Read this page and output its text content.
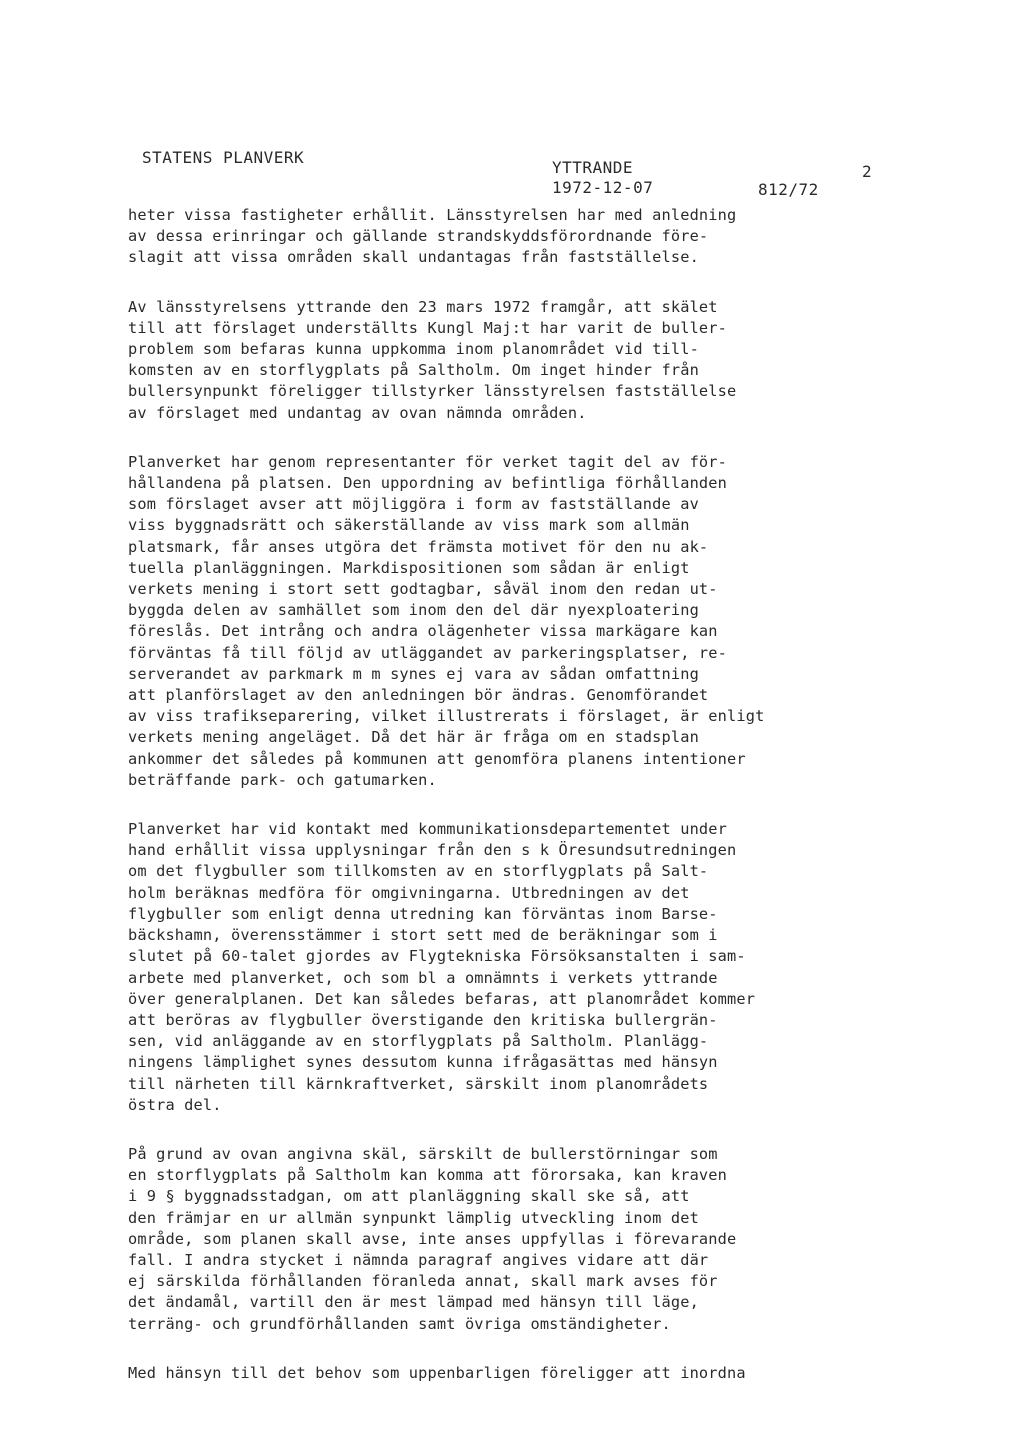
STATENS PLANVERK
YTTRANDE
1972-12-07	812/72
2
heter vissa fastigheter erhållit. Länsstyrelsen har med anledning
av dessa erinringar och gällande strandskyddsförordnande före-
slagit att vissa områden skall undantagas från fastställelse.
Av länsstyrelsens yttrande den 23 mars 1972 framgår, att skälet
till att förslaget underställts Kungl Maj:t har varit de buller-
problem som befaras kunna uppkomma inom planområdet vid till-
komsten av en storflygplats på Saltholm. Om inget hinder från
bullersynpunkt föreligger tillstyrker länsstyrelsen fastställelse
av förslaget med undantag av ovan nämnda områden.
Planverket har genom representanter för verket tagit del av för-
hållandena på platsen. Den uppordning av befintliga förhållanden
som förslaget avser att möjliggöra i form av fastställande av
viss byggnadsrätt och säkerställande av viss mark som allmän
platsmark, får anses utgöra det främsta motivet för den nu ak-
tuella planläggningen. Markdispositionen som sådan är enligt
verkets mening i stort sett godtagbar, såväl inom den redan ut-
byggda delen av samhället som inom den del där nyexploatering
föreslås. Det intrång och andra olägenheter vissa markägare kan
förväntas få till följd av utläggandet av parkeringsplatser, re-
serverandet av parkmark m m synes ej vara av sådan omfattning
att planförslaget av den anledningen bör ändras. Genomförandet
av viss trafikseparering, vilket illustrerats i förslaget, är enligt
verkets mening angeläget. Då det här är fråga om en stadsplan
ankommer det således på kommunen att genomföra planens intentioner
beträffande park- och gatumarken.
Planverket har vid kontakt med kommunikationsdepartementet under
hand erhållit vissa upplysningar från den s k Öresundsutredningen
om det flygbuller som tillkomsten av en storflygplats på Salt-
holm beräknas medföra för omgivningarna. Utbredningen av det
flygbuller som enligt denna utredning kan förväntas inom Barse-
bäckshamn, överensstämmer i stort sett med de beräkningar som i
slutet på 60-talet gjordes av Flygtekniska Försöksanstalten i sam-
arbete med planverket, och som bl a omnämnts i verkets yttrande
över generalplanen. Det kan således befaras, att planområdet kommer
att beröras av flygbuller överstigande den kritiska bullergrän-
sen, vid anläggande av en storflygplats på Saltholm. Planlägg-
ningens lämplighet synes dessutom kunna ifrågasättas med hänsyn
till närheten till kärnkraftverket, särskilt inom planområdets
östra del.
På grund av ovan angivna skäl, särskilt de bullerstörningar som
en storflygplats på Saltholm kan komma att förorsaka, kan kraven
i 9 § byggnadsstadgan, om att planläggning skall ske så, att
den främjar en ur allmän synpunkt lämplig utveckling inom det
område, som planen skall avse, inte anses uppfyllas i förevarande
fall. I andra stycket i nämnda paragraf angives vidare att där
ej särskilda förhållanden föranleda annat, skall mark avses för
det ändamål, vartill den är mest lämpad med hänsyn till läge,
terräng- och grundförhållanden samt övriga omständigheter.
Med hänsyn till det behov som uppenbarligen föreligger att inordna
